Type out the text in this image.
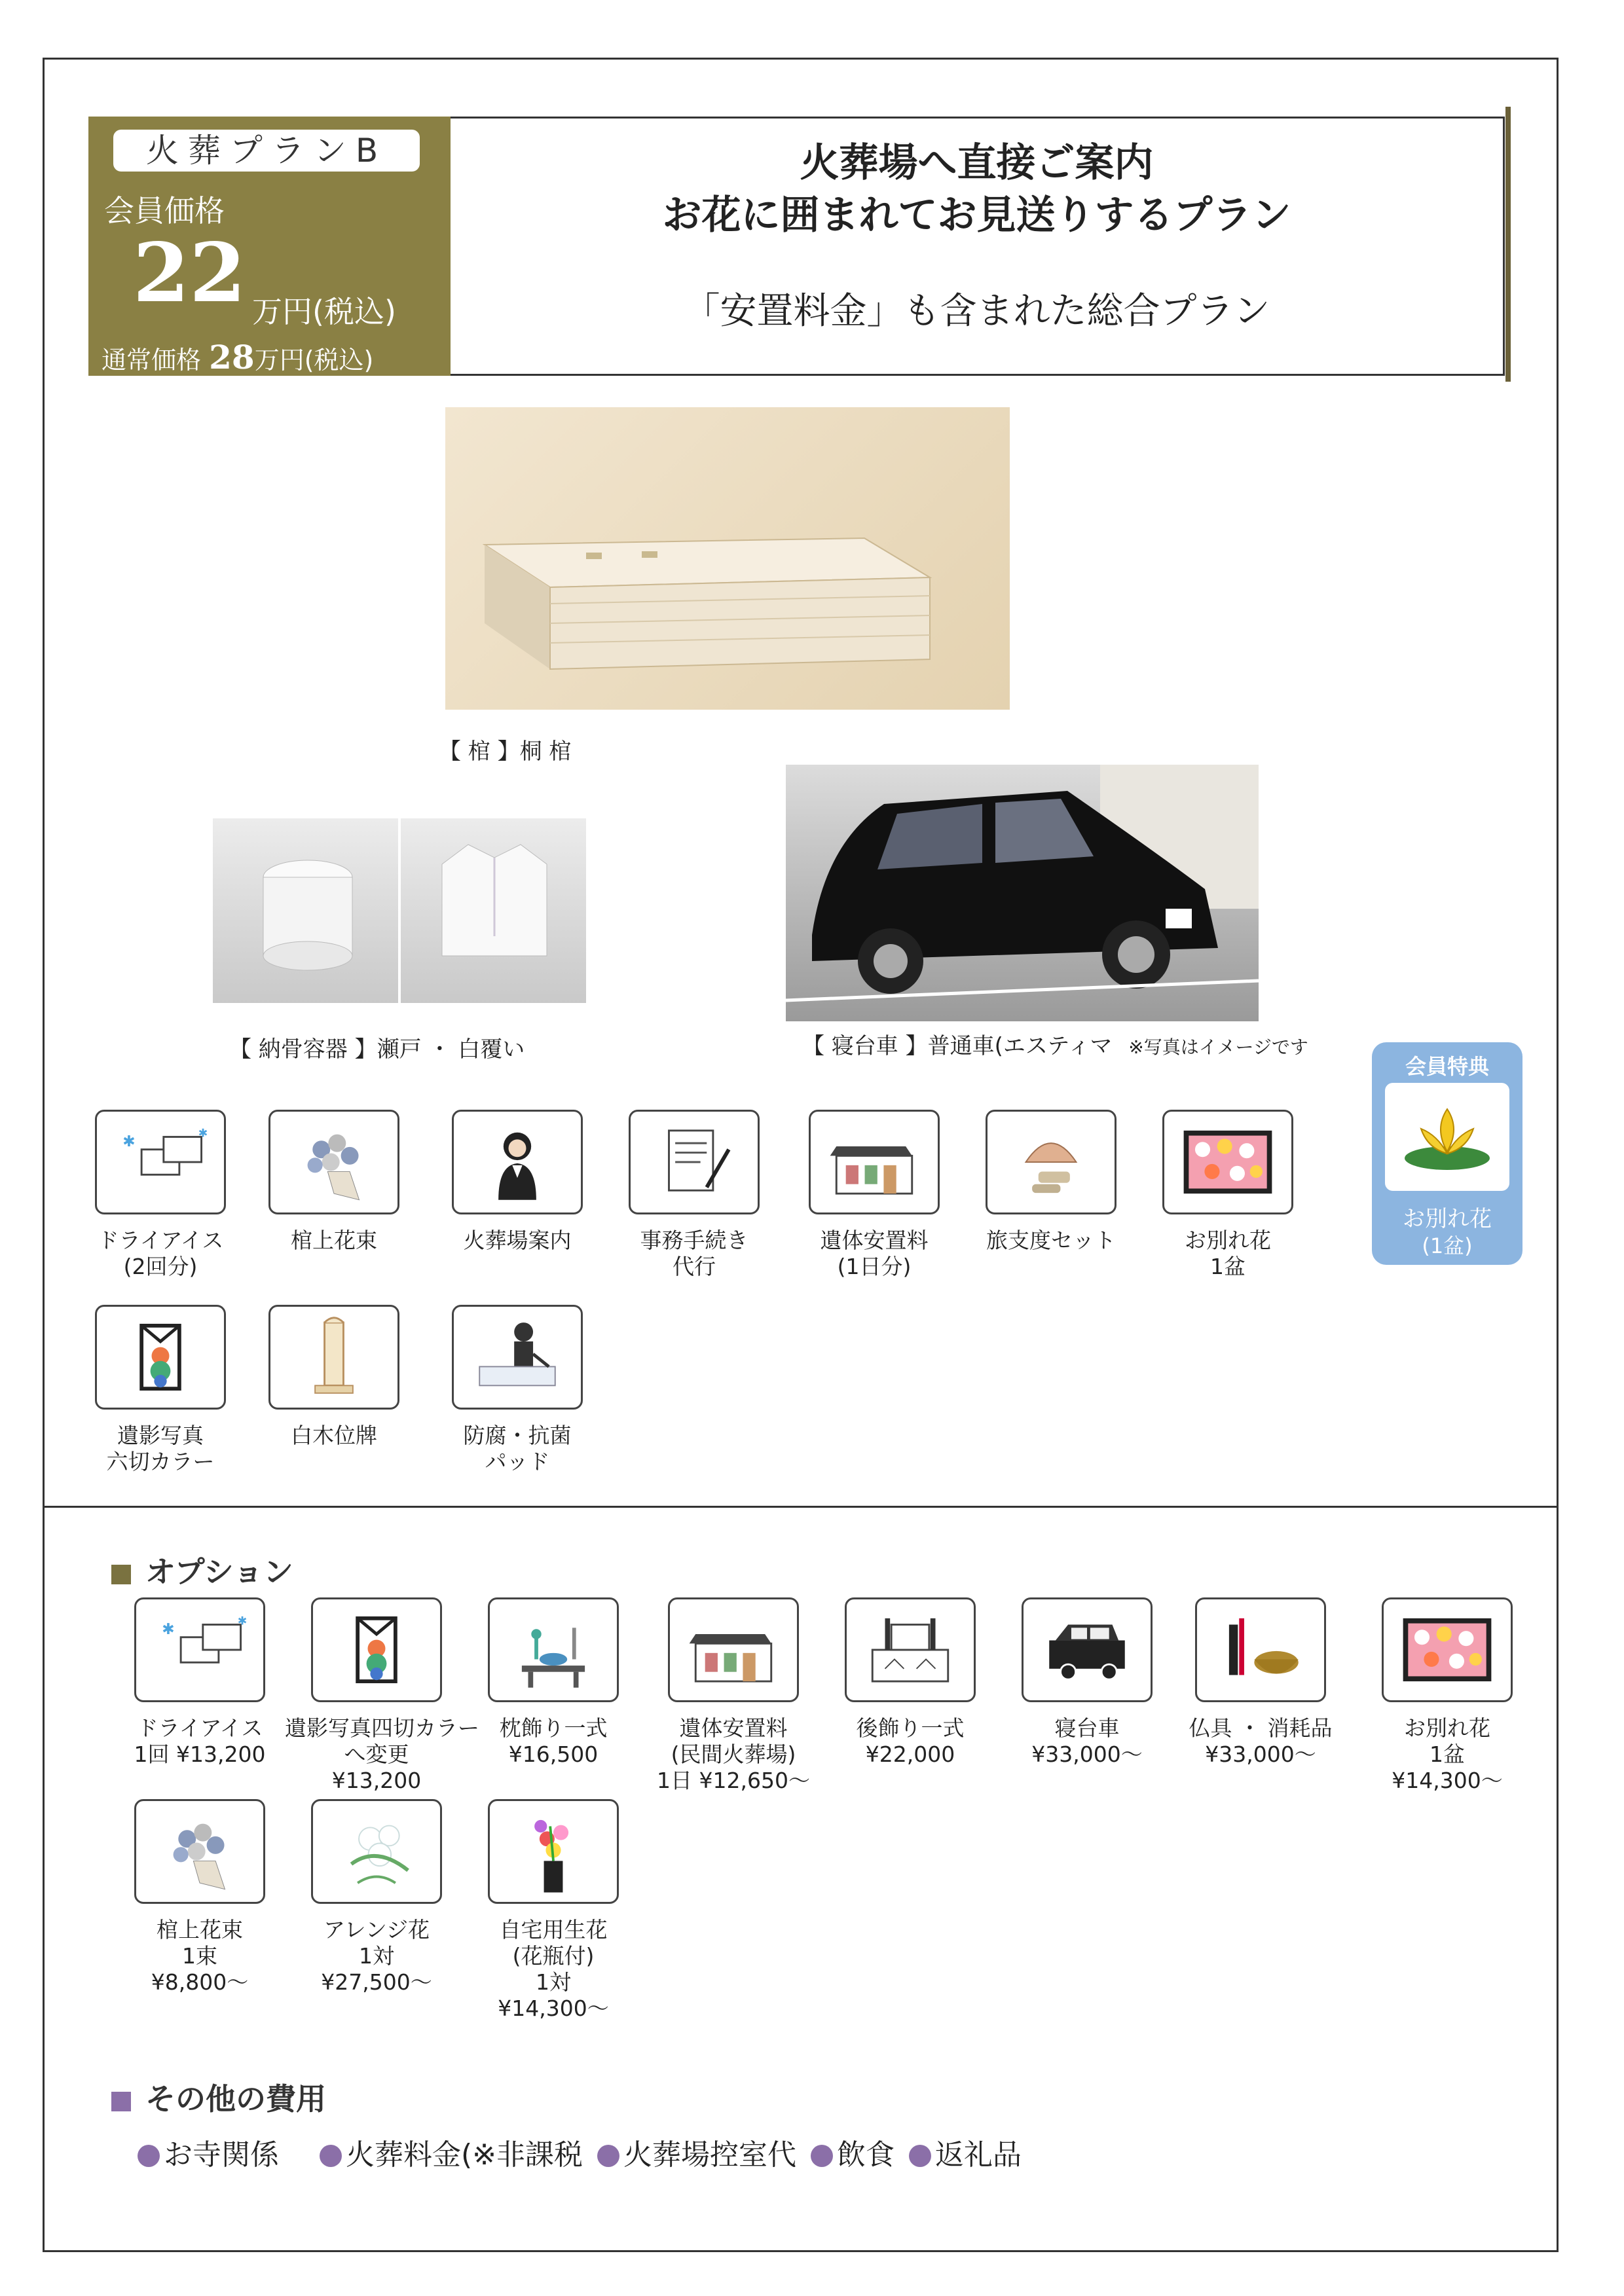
火葬プランB
会員価格
22 万円(税込)
通常価格 28万円(税込)
火葬場へ直接ご案内
お花に囲まれてお見送りするプラン
「安置料金」も含まれた総合プラン
【 棺 】桐 棺
【 納骨容器 】瀬戸 ・ 白覆い	【 寝台車 】普通車(エスティマ ※写真はイメージです
会員特典
お別れ花
(1盆)
✱	✱
ドライアイス
(2回分)
棺上花束	火葬場案内	事務手続き
代行
遺体安置料
(1日分)
旅支度セット	お別れ花
1盆
遺影写真
六切カラー
白木位牌	防腐・抗菌
パッド
オプション
✱	✱
ドライアイス
1回 ¥13,200
遺影写真四切カラー
へ変更
¥13,200
枕飾り一式
¥16,500
遺体安置料
(民間火葬場)
1日 ¥12,650～
後飾り一式
¥22,000
寝台車
¥33,000～
仏具 ・ 消耗品
¥33,000～
お別れ花
1盆
¥14,300～
棺上花束
1束
¥8,800～
アレンジ花
1対
¥27,500～
自宅用生花
(花瓶付)
1対
¥14,300～
その他の費用
お寺関係 火葬料金(※非課税 火葬場控室代 飲食 返礼品
